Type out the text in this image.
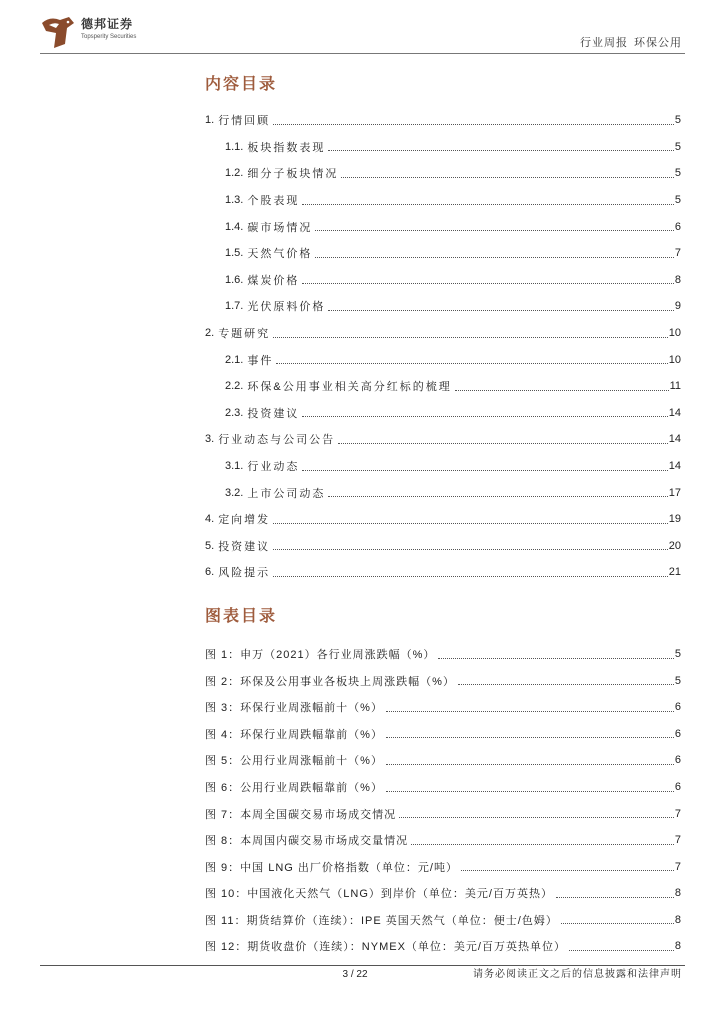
德邦证券
Topsperity Securities	行业周报 环保公用
内容目录
1. 行情回顾	5
1.1. 板块指数表现	5
1.2. 细分子板块情况	5
1.3. 个股表现	5
1.4. 碳市场情况	6
1.5. 天然气价格	7
1.6. 煤炭价格	8
1.7. 光伏原料价格	9
2. 专题研究	10
2.1. 事件	10
2.2. 环保&公用事业相关高分红标的梳理	11
2.3. 投资建议	14
3. 行业动态与公司公告	14
3.1. 行业动态	14
3.2. 上市公司动态	17
4. 定向增发	19
5. 投资建议	20
6. 风险提示	21
图表目录
图 1：申万（2021）各行业周涨跌幅（%）	5
图 2：环保及公用事业各板块上周涨跌幅（%）	5
图 3：环保行业周涨幅前十（%）	6
图 4：环保行业周跌幅靠前（%）	6
图 5：公用行业周涨幅前十（%）	6
图 6：公用行业周跌幅靠前（%）	6
图 7：本周全国碳交易市场成交情况	7
图 8：本周国内碳交易市场成交量情况	7
图 9：中国 LNG 出厂价格指数（单位：元/吨）	7
图 10：中国液化天然气（LNG）到岸价（单位：美元/百万英热）	8
图 11：期货结算价（连续）：IPE 英国天然气（单位：便士/色姆）	8
图 12：期货收盘价（连续）：NYMEX（单位：美元/百万英热单位）	8
3 / 22	请务必阅读正文之后的信息披露和法律声明
